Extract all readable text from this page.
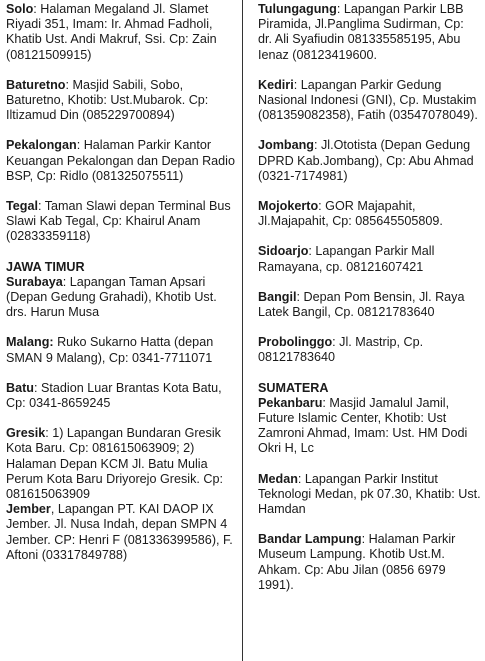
Solo: Halaman Megaland Jl. Slamet Riyadi 351, Imam: Ir. Ahmad Fadholi, Khatib Ust. Andi Makruf, Ssi. Cp: Zain (08121509915)

Baturetno: Masjid Sabili, Sobo, Baturetno, Khotib: Ust.Mubarok. Cp: Iltizamud Din (085229700894)

Pekalongan: Halaman Parkir Kantor Keuangan Pekalongan dan Depan Radio BSP, Cp: Ridlo (081325075511)

Tegal: Taman Slawi depan Terminal Bus Slawi Kab Tegal, Cp: Khairul Anam (02833359118)

JAWA TIMUR

Surabaya: Lapangan Taman Apsari (Depan Gedung Grahadi), Khotib Ust. drs. Harun Musa

Malang: Ruko Sukarno Hatta (depan SMAN 9 Malang), Cp: 0341-7711071

Batu: Stadion Luar Brantas Kota Batu, Cp: 0341-8659245

Gresik: 1) Lapangan Bundaran Gresik Kota Baru. Cp: 081615063909; 2) Halaman Depan KCM Jl. Batu Mulia Perum Kota Baru Driyorejo Gresik. Cp: 081615063909

Jember, Lapangan PT. KAI DAOP IX Jember. Jl. Nusa Indah, depan SMPN 4 Jember. CP: Henri F (081336399586), F. Aftoni (03317849788)

Tulungagung: Lapangan Parkir LBB Piramida, Jl.Panglima Sudirman, Cp: dr. Ali Syafiudin 081335585195, Abu Ienaz (08123419600.

Kediri: Lapangan Parkir Gedung Nasional Indonesi (GNI), Cp. Mustakim (081359082358), Fatih (03547078049).

Jombang: Jl.Ototista (Depan Gedung DPRD Kab.Jombang), Cp: Abu Ahmad (0321-7174981)

Mojokerto: GOR Majapahit, Jl.Majapahit, Cp: 085645505809.

Sidoarjo: Lapangan Parkir Mall Ramayana, cp. 08121607421

Bangil: Depan Pom Bensin, Jl. Raya Latek Bangil, Cp. 08121783640

Probolinggo: Jl. Mastrip, Cp. 08121783640

SUMATERA

Pekanbaru: Masjid Jamalul Jamil, Future Islamic Center, Khotib: Ust Zamroni Ahmad, Imam: Ust. HM Dodi Okri H, Lc

Medan: Lapangan Parkir Institut Teknologi Medan, pk 07.30, Khatib: Ust. Hamdan

Bandar Lampung: Halaman Parkir Museum Lampung. Khotib Ust.M. Ahkam. Cp: Abu Jilan (0856 6979 1991).
